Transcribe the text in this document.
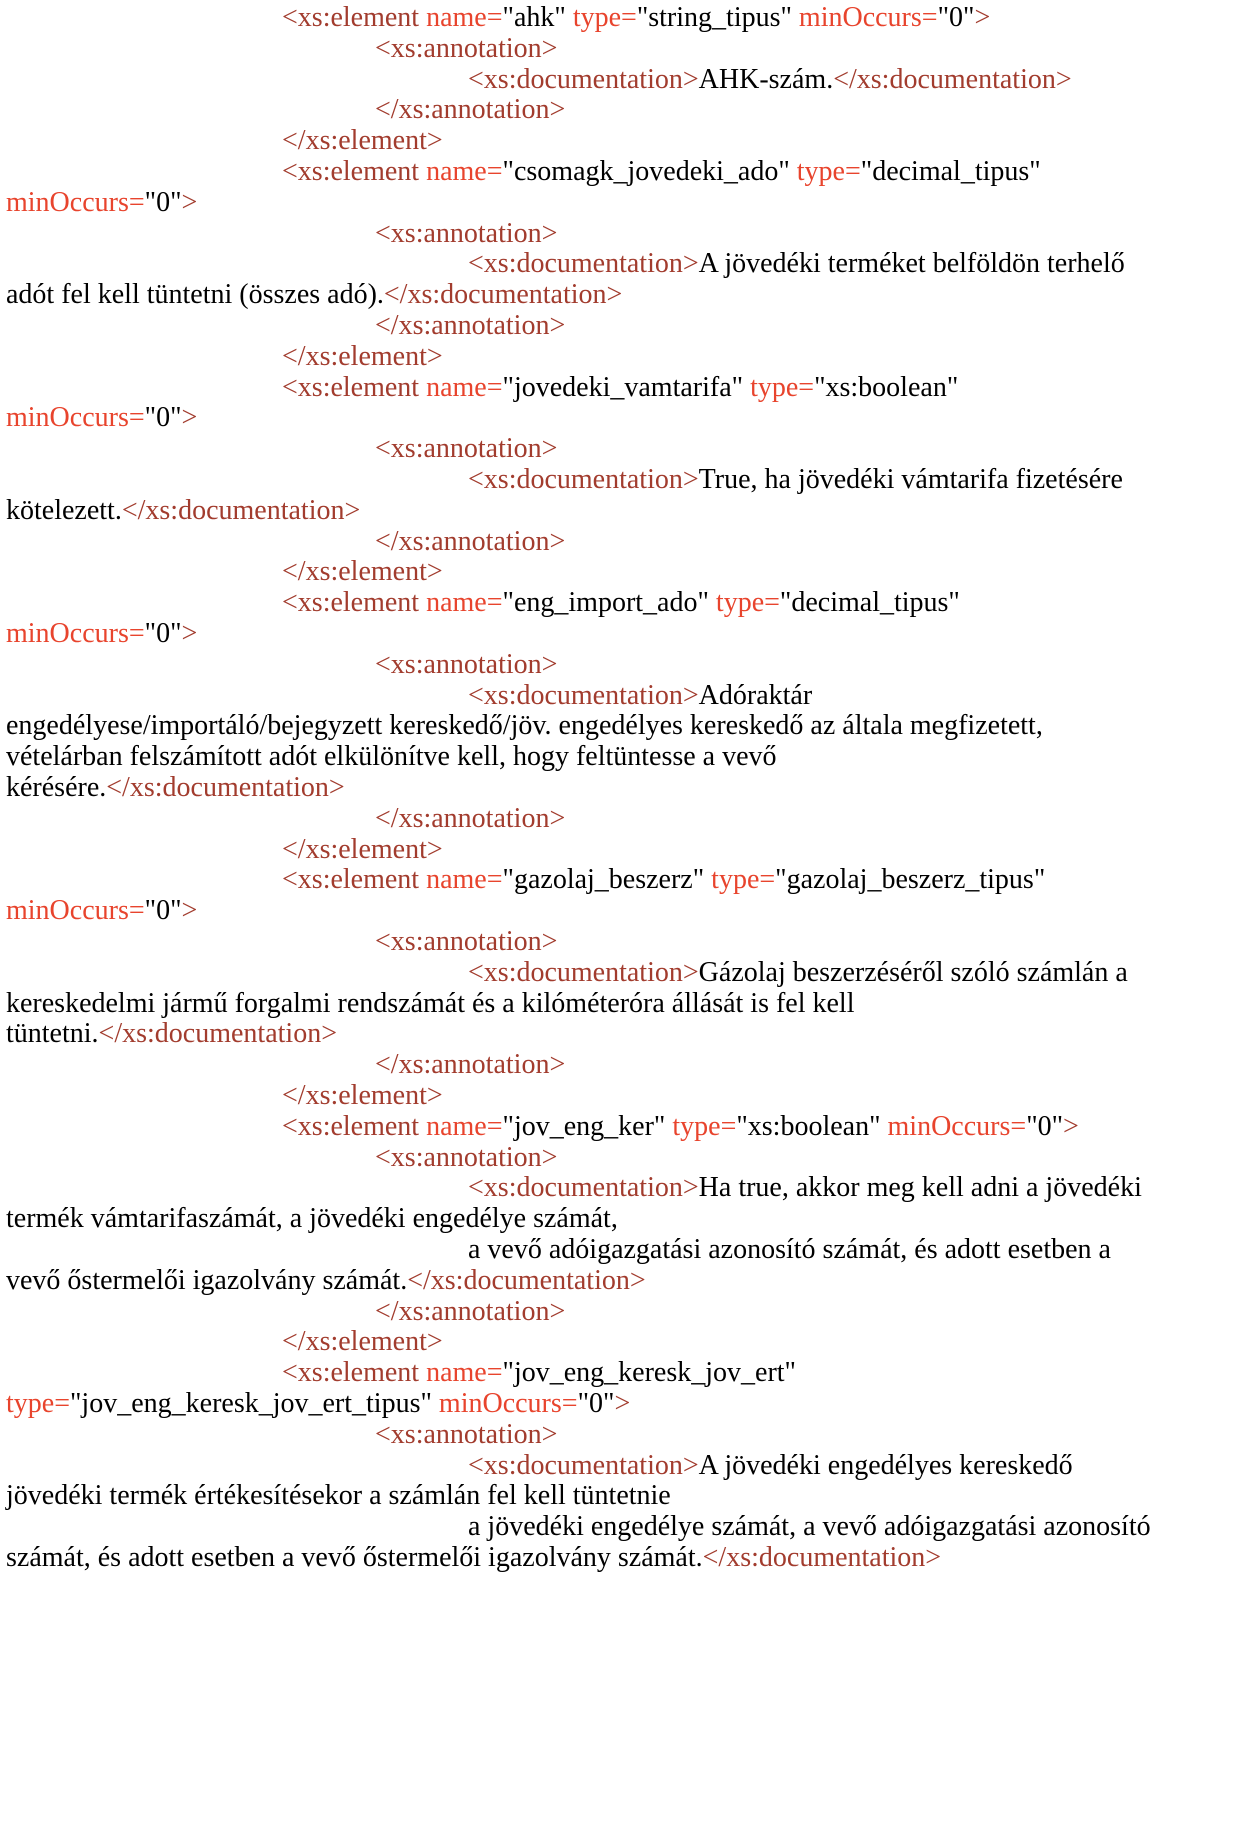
<xs:element name="ahk" type="string_tipus" minOccurs="0">
<xs:annotation>
<xs:documentation>AHK-szám.</xs:documentation>
</xs:annotation>
</xs:element>
<xs:element name="csomagk_jovedeki_ado" type="decimal_tipus"
minOccurs="0">
<xs:annotation>
<xs:documentation>A jövedéki terméket belföldön terhelő
adót fel kell tüntetni (összes adó).</xs:documentation>
</xs:annotation>
</xs:element>
<xs:element name="jovedeki_vamtarifa" type="xs:boolean"
minOccurs="0">
<xs:annotation>
<xs:documentation>True, ha jövedéki vámtarifa fizetésére
kötelezett.</xs:documentation>
</xs:annotation>
</xs:element>
<xs:element name="eng_import_ado" type="decimal_tipus"
minOccurs="0">
<xs:annotation>
<xs:documentation>Adóraktár
engedélyese/importáló/bejegyzett kereskedő/jöv. engedélyes kereskedő az általa megfizetett,
vételárban felszámított adót elkülönítve kell, hogy feltüntesse a vevő
kérésére.</xs:documentation>
</xs:annotation>
</xs:element>
<xs:element name="gazolaj_beszerz" type="gazolaj_beszerz_tipus"
minOccurs="0">
<xs:annotation>
<xs:documentation>Gázolaj beszerzéséről szóló számlán a
kereskedelmi jármű forgalmi rendszámát és a kilóméteróra állását is fel kell
tüntetni.</xs:documentation>
</xs:annotation>
</xs:element>
<xs:element name="jov_eng_ker" type="xs:boolean" minOccurs="0">
<xs:annotation>
<xs:documentation>Ha true, akkor meg kell adni a jövedéki
termék vámtarifaszámát, a jövedéki engedélye számát,
a vevő adóigazgatási azonosító számát, és adott esetben a
vevő őstermelői igazolvány számát.</xs:documentation>
</xs:annotation>
</xs:element>
<xs:element name="jov_eng_keresk_jov_ert"
type="jov_eng_keresk_jov_ert_tipus" minOccurs="0">
<xs:annotation>
<xs:documentation>A jövedéki engedélyes kereskedő
jövedéki termék értékesítésekor a számlán fel kell tüntetnie
a jövedéki engedélye számát, a vevő adóigazgatási azonosító
számát, és adott esetben a vevő őstermelői igazolvány számát.</xs:documentation>
